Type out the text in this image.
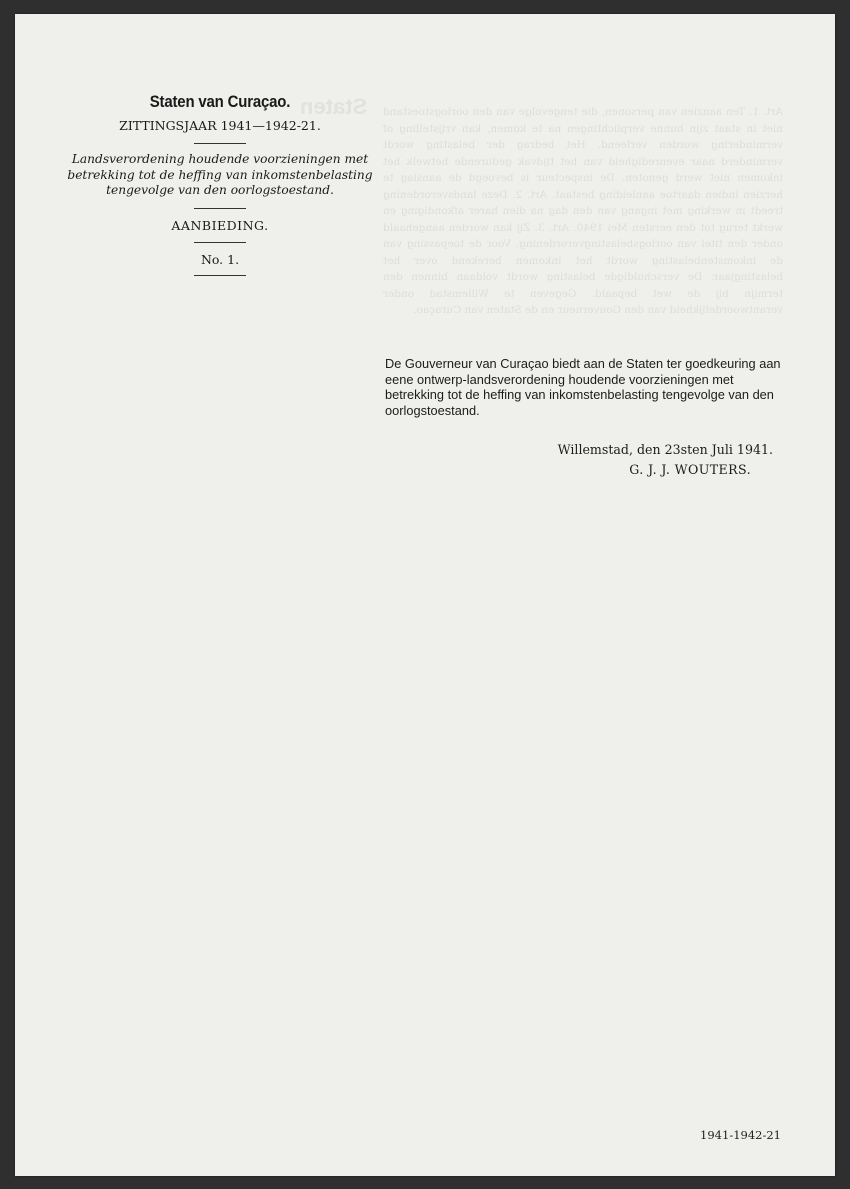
Staten Art. 1. Ten aanzien van personen, die tengevolge van den oorlogstoestand niet in staat zijn hunne verplichtingen na te komen, kan vrijstelling of vermindering worden verleend. Het bedrag der belasting wordt verminderd naar evenredigheid van het tijdvak gedurende hetwelk het inkomen niet werd genoten. De inspecteur is bevoegd de aanslag te herzien indien daartoe aanleiding bestaat. Art. 2. Deze landsverordening treedt in werking met ingang van den dag na dien harer afkondiging en werkt terug tot den eersten Mei 1940. Art. 3. Zij kan worden aangehaald onder den titel van oorlogsbelastingverordening. Voor de toepassing van de inkomstenbelasting wordt het inkomen berekend over het belastingjaar. De verschuldigde belasting wordt voldaan binnen den termijn bij de wet bepaald. Gegeven te Willemstad onder verantwoordelijkheid van den Gouverneur en de Staten van Curaçao.
Staten van Curaçao.
ZITTINGSJAAR 1941—1942-21.
Landsverordening houdende voorzieningen met betrekking tot de heffing van inkomstenbelasting tengevolge van den oorlogstoestand.
AANBIEDING.
No. 1.
De Gouverneur van Curaçao biedt aan de Staten ter goedkeuring aan eene ontwerp-landsverordening houdende voorzieningen met betrekking tot de heffing van inkomstenbelasting tengevolge van den oorlogstoestand.
Willemstad, den 23sten Juli 1941.
G. J. J. WOUTERS.
1941-1942-21
